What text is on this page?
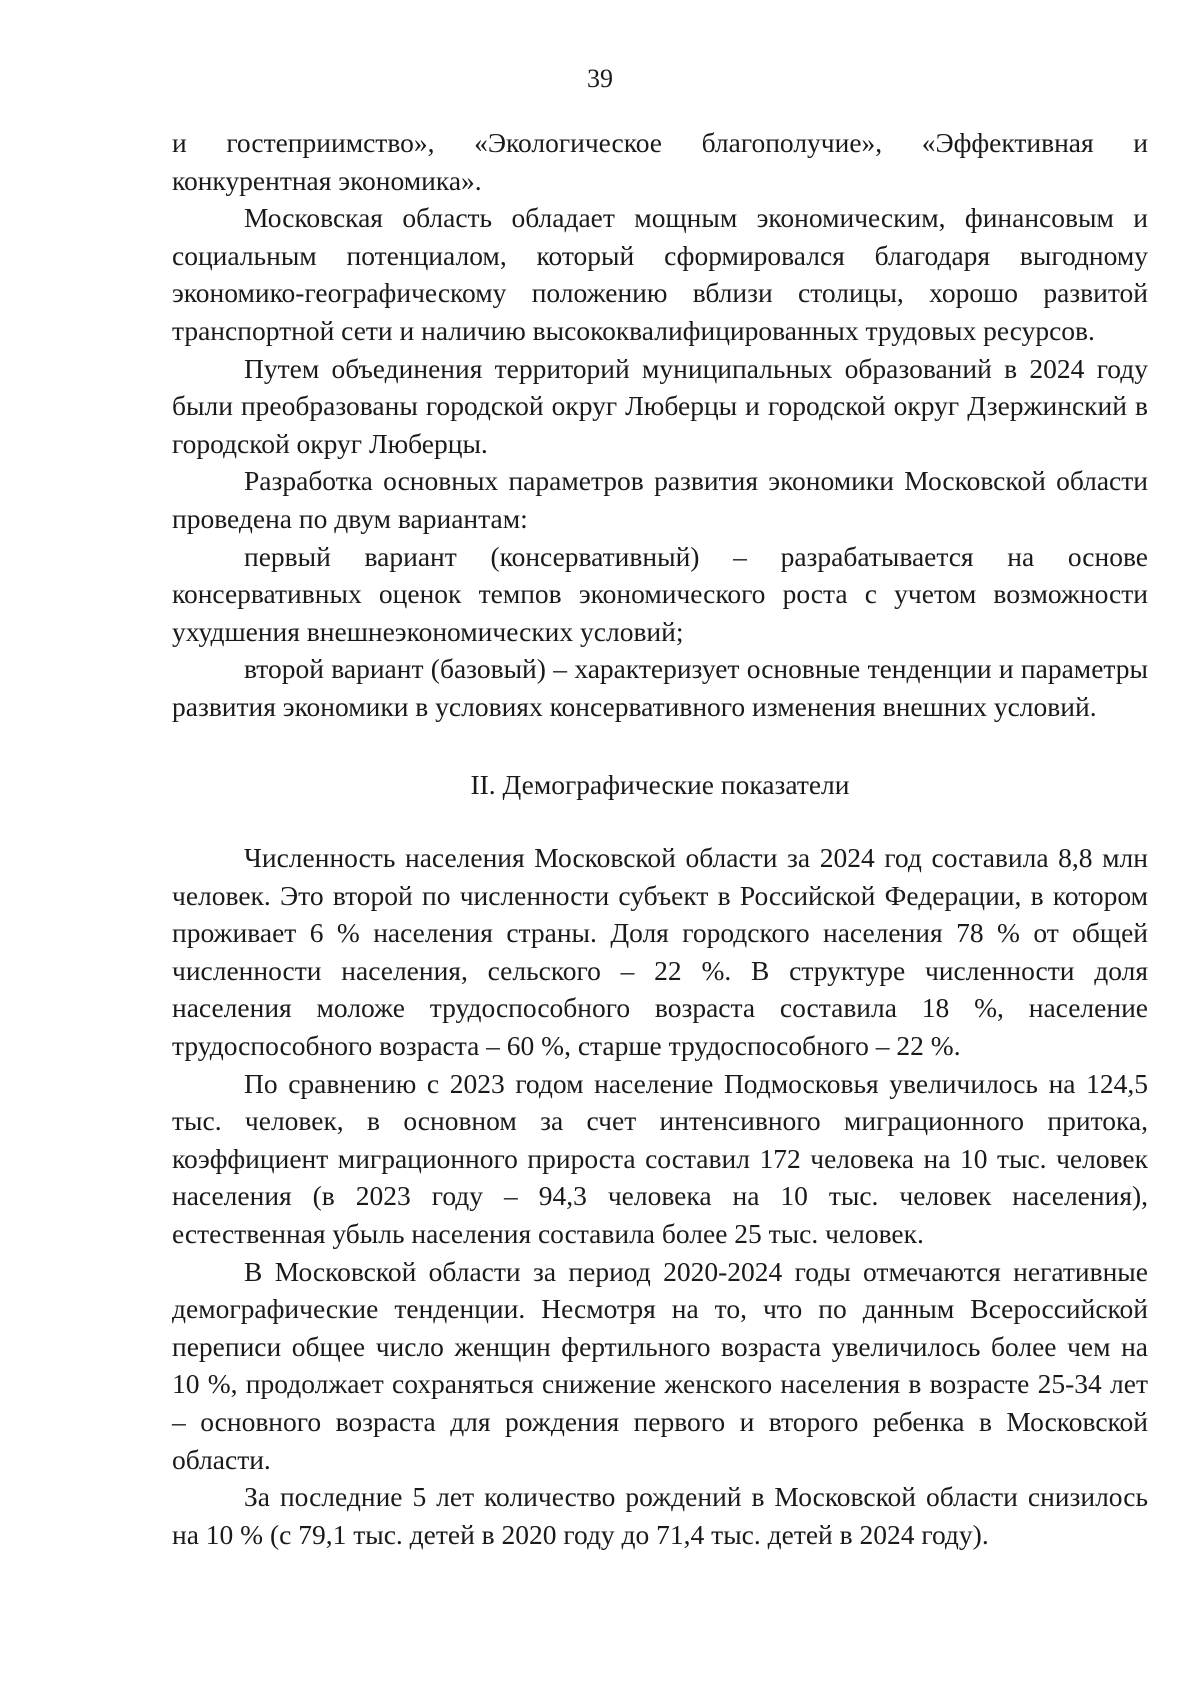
39

и гостеприимство», «Экологическое благополучие», «Эффективная и конкурентная экономика».

Московская область обладает мощным экономическим, финансовым и социальным потенциалом, который сформировался благодаря выгодному экономико-географическому положению вблизи столицы, хорошо развитой транспортной сети и наличию высококвалифицированных трудовых ресурсов.

Путем объединения территорий муниципальных образований в 2024 году были преобразованы городской округ Люберцы и городской округ Дзержинский в городской округ Люберцы.

Разработка основных параметров развития экономики Московской области проведена по двум вариантам:

первый вариант (консервативный) – разрабатывается на основе консервативных оценок темпов экономического роста с учетом возможности ухудшения внешнеэкономических условий;

второй вариант (базовый) – характеризует основные тенденции и параметры развития экономики в условиях консервативного изменения внешних условий.

II. Демографические показатели

Численность населения Московской области за 2024 год составила 8,8 млн человек. Это второй по численности субъект в Российской Федерации, в котором проживает 6 % населения страны. Доля городского населения 78 % от общей численности населения, сельского – 22 %. В структуре численности доля населения моложе трудоспособного возраста составила 18 %, население трудоспособного возраста – 60 %, старше трудоспособного – 22 %.

По сравнению с 2023 годом население Подмосковья увеличилось на 124,5 тыс. человек, в основном за счет интенсивного миграционного притока, коэффициент миграционного прироста составил 172 человека на 10 тыс. человек населения (в 2023 году – 94,3 человека на 10 тыс. человек населения), естественная убыль населения составила более 25 тыс. человек.

В Московской области за период 2020-2024 годы отмечаются негативные демографические тенденции. Несмотря на то, что по данным Всероссийской переписи общее число женщин фертильного возраста увеличилось более чем на 10 %, продолжает сохраняться снижение женского населения в возрасте 25-34 лет – основного возраста для рождения первого и второго ребенка в Московской области.

За последние 5 лет количество рождений в Московской области снизилось на 10 % (с 79,1 тыс. детей в 2020 году до 71,4 тыс. детей в 2024 году).
